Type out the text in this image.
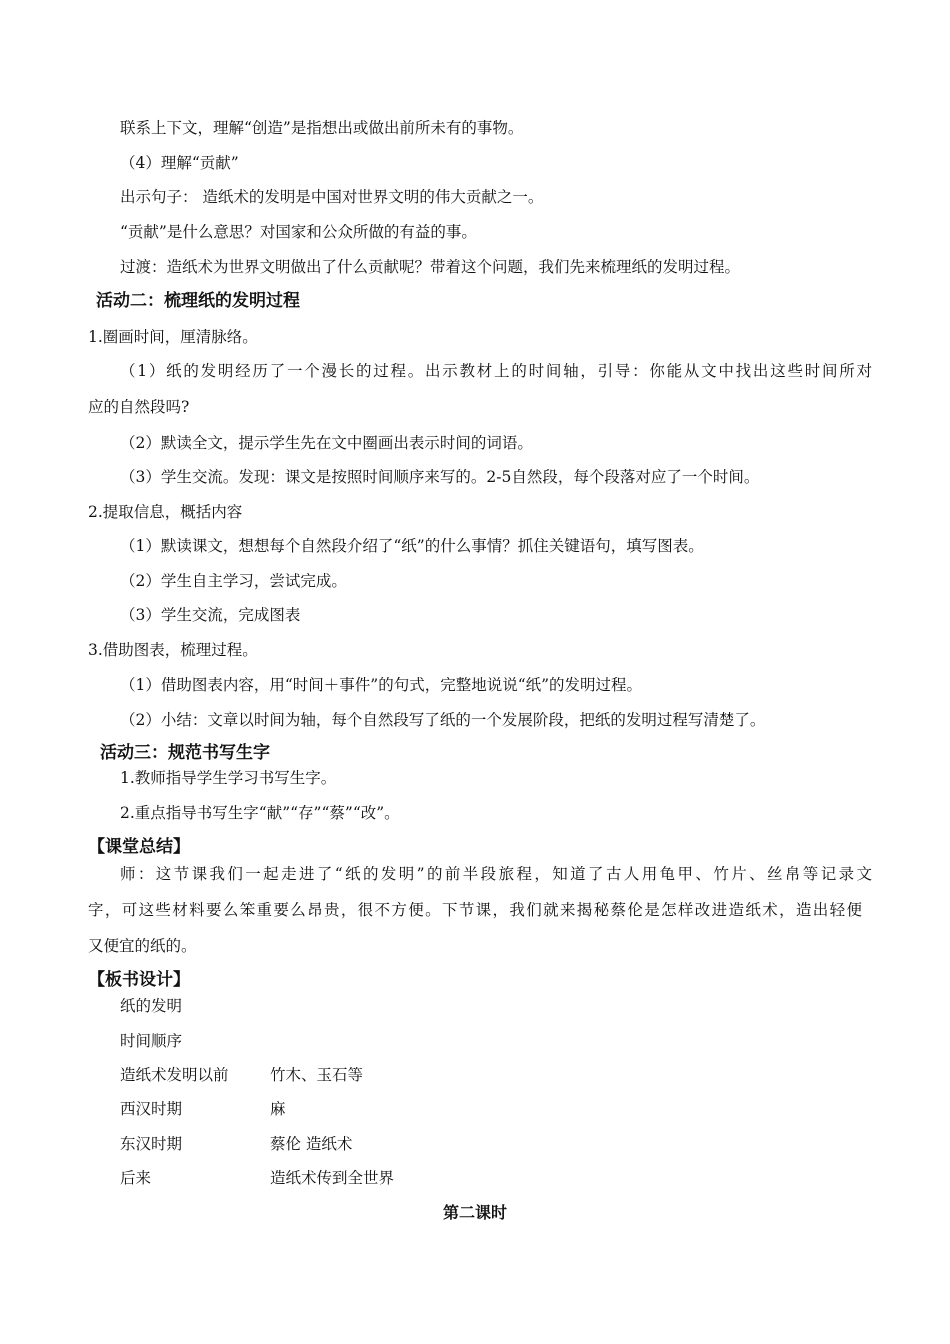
联系上下文，理解“创造”是指想出或做出前所未有的事物。
（4）理解“贡献”
出示句子： 造纸术的发明是中国对世界文明的伟大贡献之一。
“贡献”是什么意思？对国家和公众所做的有益的事。
过渡：造纸术为世界文明做出了什么贡献呢？带着这个问题，我们先来梳理纸的发明过程。
活动二：梳理纸的发明过程
1.圈画时间，厘清脉络。
（1）纸的发明经历了一个漫长的过程。出示教材上的时间轴，引导：你能从文中找出这些时间所对
应的自然段吗?
（2）默读全文，提示学生先在文中圈画出表示时间的词语。
（3）学生交流。发现：课文是按照时间顺序来写的。2-5自然段，每个段落对应了一个时间。
2.提取信息，概括内容
（1）默读课文，想想每个自然段介绍了“纸”的什么事情？抓住关键语句，填写图表。
（2）学生自主学习，尝试完成。
（3）学生交流，完成图表
3.借助图表，梳理过程。
（1）借助图表内容，用“时间＋事件”的句式，完整地说说“纸”的发明过程。
（2）小结：文章以时间为轴，每个自然段写了纸的一个发展阶段，把纸的发明过程写清楚了。
活动三：规范书写生字
1.教师指导学生学习书写生字。
2.重点指导书写生字“献”“存”“蔡”“改”。
【课堂总结】
师：这节课我们一起走进了“纸的发明”的前半段旅程，知道了古人用龟甲、竹片、丝帛等记录文
字，可这些材料要么笨重要么昂贵，很不方便。下节课，我们就来揭秘蔡伦是怎样改进造纸术，造出轻便
又便宜的纸的。
【板书设计】
纸的发明
时间顺序
造纸术发明以前	竹木、玉石等
西汉时期	麻
东汉时期	蔡伦 造纸术
后来	造纸术传到全世界
第二课时
